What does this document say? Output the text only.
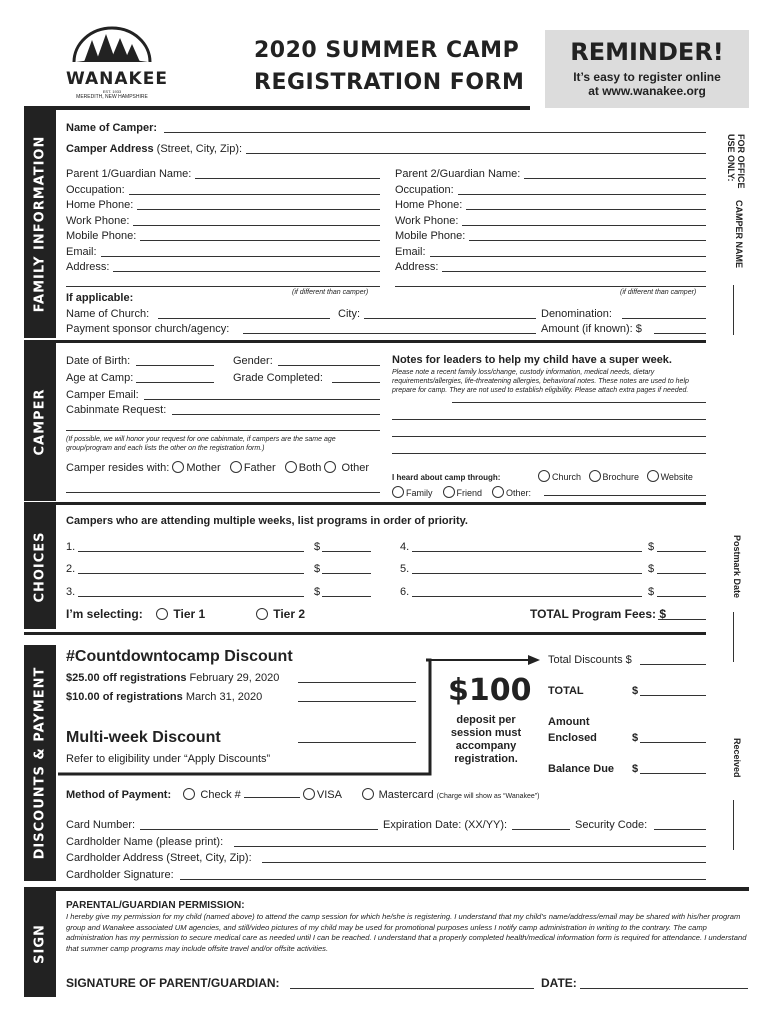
WANAKEE
EST. 1933
MEREDITH, NEW HAMPSHIRE
2020 SUMMER CAMP
REGISTRATION FORM
REMINDER!
It’s easy to register online
at www.wanakee.org
FOR OFFICE USE ONLY:
CAMPER NAME
Postmark Date
Received
FAMILY INFORMATION
Name of Camper:
Camper Address (Street, City, Zip):
Parent 1/Guardian Name:
Occupation:
Home Phone:
Work Phone:
Mobile Phone:
Email:
Address:
Parent 2/Guardian Name:
Occupation:
Home Phone:
Work Phone:
Mobile Phone:
Email:
Address:
(if different than camper)	(if different than camper)
If applicable:
Name of Church:	City:	Denomination:
Payment sponsor church/agency:	Amount (if known): $
CAMPER
Date of Birth:	Gender:
Age at Camp:	Grade Completed:
Camper Email:
Cabinmate Request:
(If possible, we will honor your request for one cabinmate, if campers are the same age group/program and each lists the other on the registration form.)
Camper resides with: Mother Father Both Other
Notes for leaders to help my child have a super week.
Please note a recent family loss/change, custody information, medical needs, dietary requirements/allergies, life-threatening allergies, behavioral notes. These notes are used to help prepare for camp. They are not used to establish eligibility. Please attach extra pages if needed.
I heard about camp through:	Church Brochure Website
Family	Friend	Other:
CHOICES
Campers who are attending multiple weeks, list programs in order of priority.
1.	$
2.	$
3.	$
4.	$
5.	$
6.	$
I’m selecting:	Tier 1	Tier 2	TOTAL Program Fees: $
DISCOUNTS & PAYMENT
#Countdowntocamp Discount
$25.00 off registrations February 29, 2020
$10.00 of registrations March 31, 2020
Multi-week Discount
Refer to eligibility under “Apply Discounts”
$100
deposit per session must accompany registration.
Total Discounts $
TOTAL	$
Amount
Enclosed	$
Balance Due $
Method of Payment:	Check #	VISA	Mastercard (Charge will show as “Wanakee”)
Card Number:	Expiration Date: (XX/YY):	Security Code:
Cardholder Name (please print):
Cardholder Address (Street, City, Zip):
Cardholder Signature:
SIGN
PARENTAL/GUARDIAN PERMISSION:
I hereby give my permission for my child (named above) to attend the camp session for which he/she is registering. I understand that my child’s name/address/email may be shared with his/her program group and Wanakee associated UM agencies, and still/video pictures of my child may be used for promotional purposes unless I notify camp administration in writing to the contrary. The camp administration has my permission to secure medical care as needed until I can be reached. I understand that a properly completed health/medical information form is required for attendance. I understand that summer camp programs may include offsite travel and/or offsite activities.
SIGNATURE OF PARENT/GUARDIAN:	DATE:
